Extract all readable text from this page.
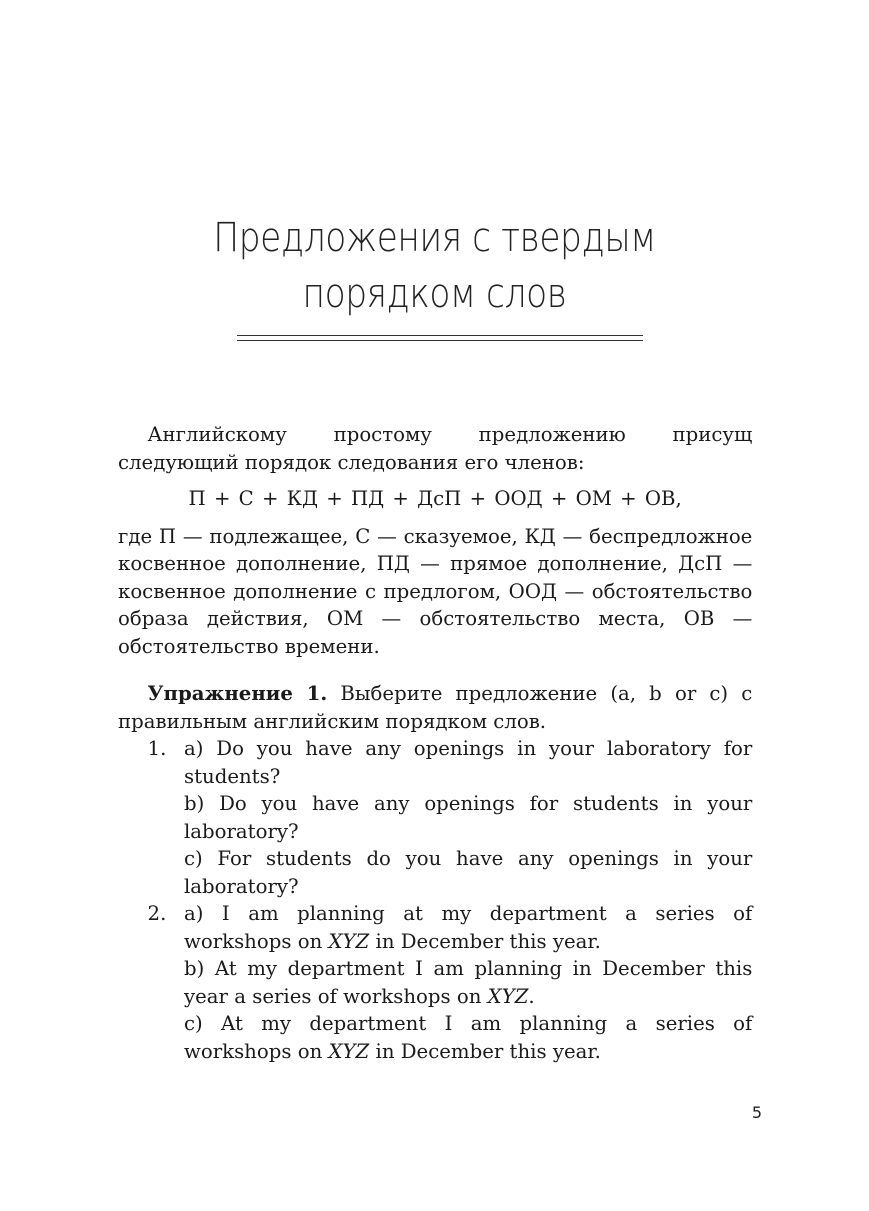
Предложения с твердым
порядком слов

Английскому простому предложению присущ следующий порядок следования его членов:

П + С + КД + ПД + ДсП + ООД + ОМ + ОВ,

где П — подлежащее, С — сказуемое, КД — беспредложное косвенное дополнение, ПД — прямое дополнение, ДсП — косвенное дополнение с предлогом, ООД — обстоятельство образа действия, ОМ — обстоятельство места, ОВ — обстоятельство времени.

Упражнение 1. Выберите предложение (a, b or c) с правильным английским порядком слов.

1. a) Do you have any openings in your laboratory for students?

b) Do you have any openings for students in your laboratory?

c) For students do you have any openings in your laboratory?

2. a) I am planning at my department a series of workshops on XYZ in December this year.

b) At my department I am planning in December this year a series of workshops on XYZ.

c) At my department I am planning a series of workshops on XYZ in December this year.

5
